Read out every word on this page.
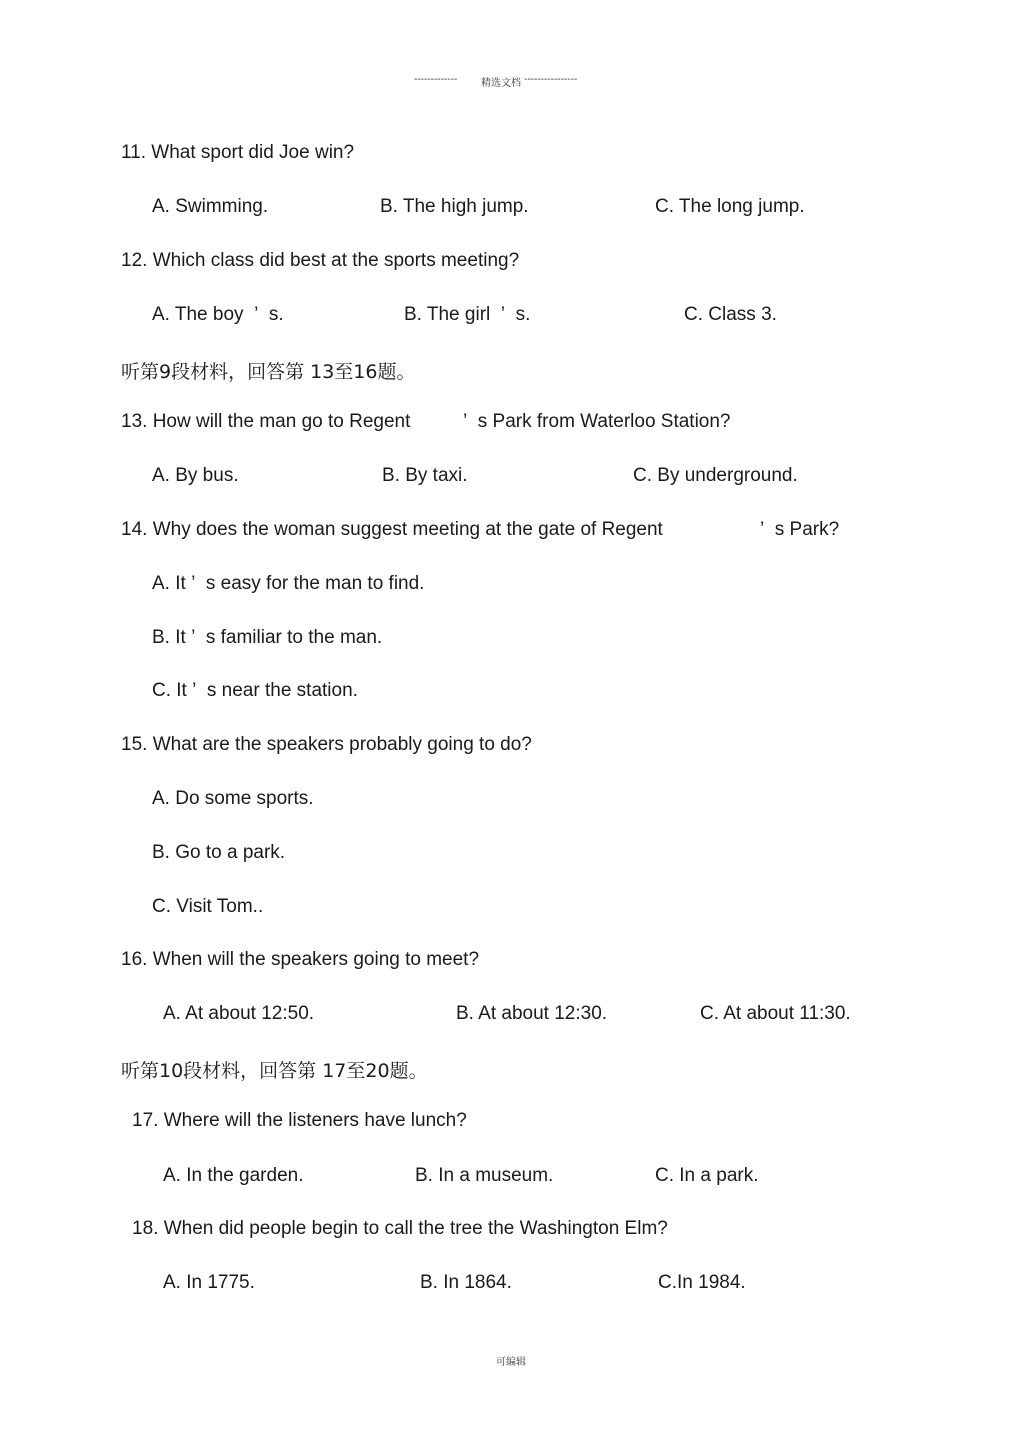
------------- 精选文档 ----------------
11. What sport did Joe win?
A. Swimming.	B. The high jump.	C. The long jump.
12. Which class did best at the sports meeting?
A. The boy  ’  s.	B. The girl  ’  s.	C. Class 3.
听第9段材料，回答第 13至16题。
13. How will the man go to Regent	’  s Park from Waterloo Station?
A. By bus.	B. By taxi.	C. By underground.
14. Why does the woman suggest meeting at the gate of Regent	’  s Park?
A. It ’  s easy for the man to find.
B. It ’  s familiar to the man.
C. It ’  s near the station.
15. What are the speakers probably going to do?
A. Do some sports.
B. Go to a park.
C. Visit Tom..
16. When will the speakers going to meet?
A. At about 12:50.	B. At about 12:30.	C. At about 11:30.
听第10段材料，回答第 17至20题。
17. Where will the listeners have lunch?
A. In the garden.	B. In a museum.	C. In a park.
18. When did people begin to call the tree the Washington Elm?
A. In 1775.	B. In 1864.	C.In 1984.
可编辑
